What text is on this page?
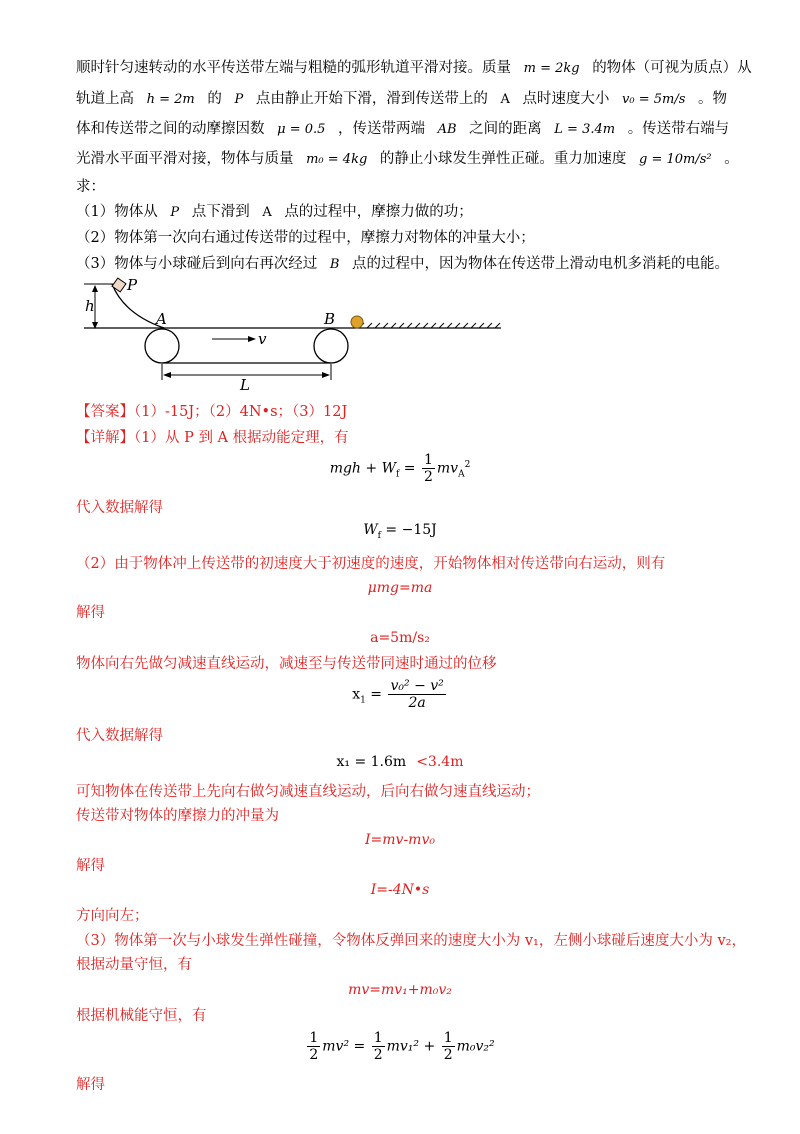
顺时针匀速转动的水平传送带左端与粗糙的弧形轨道平滑对接。质量 m = 2kg 的物体（可视为质点）从
轨道上高 h = 2m 的 P 点由静止开始下滑，滑到传送带上的 A 点时速度大小 v₀ = 5m/s 。物
体和传送带之间的动摩擦因数 μ = 0.5 ，传送带两端 AB 之间的距离 L = 3.4m 。传送带右端与
光滑水平面平滑对接，物体与质量 m₀ = 4kg 的静止小球发生弹性正碰。重力加速度 g = 10m/s² 。
求：
（1）物体从 P 点下滑到 A 点的过程中，摩擦力做的功；
（2）物体第一次向右通过传送带的过程中，摩擦力对物体的冲量大小；
（3）物体与小球碰后到向右再次经过 B 点的过程中，因为物体在传送带上滑动电机多消耗的电能。
h
P
A	B
v
L
【答案】（1）-15J；（2）4N•s；（3）12J
【详解】（1）从 P 到 A 根据动能定理，有
mgh + $W_f = \frac{1}{2} mv_A^2$
代入数据解得
$W_f = -15J$
（2）由于物体冲上传送带的初速度大于初速度的速度，开始物体相对传送带向右运动，则有
μmg=ma
解得
a=5m/s₂
物体向右先做匀减速直线运动，减速至与传送带同速时通过的位移
$x_1 = \frac{\text{v₀² − v²}}{2a}$
代入数据解得
x₁ = 1.6m <3.4m
可知物体在传送带上先向右做匀减速直线运动，后向右做匀速直线运动；
传送带对物体的摩擦力的冲量为
I=mv-mv₀
解得
I=-4N•s
方向向左；
（3）物体第一次与小球发生弹性碰撞，令物体反弹回来的速度大小为 v₁，左侧小球碰后速度大小为 v₂，
根据动量守恒，有
mv=mv₁+m₀v₂
根据机械能守恒，有
$\frac{1}{2} mv^2 = \frac{1}{2} mv_1^2 + \frac{1}{2} m_0v_2^2$
解得
